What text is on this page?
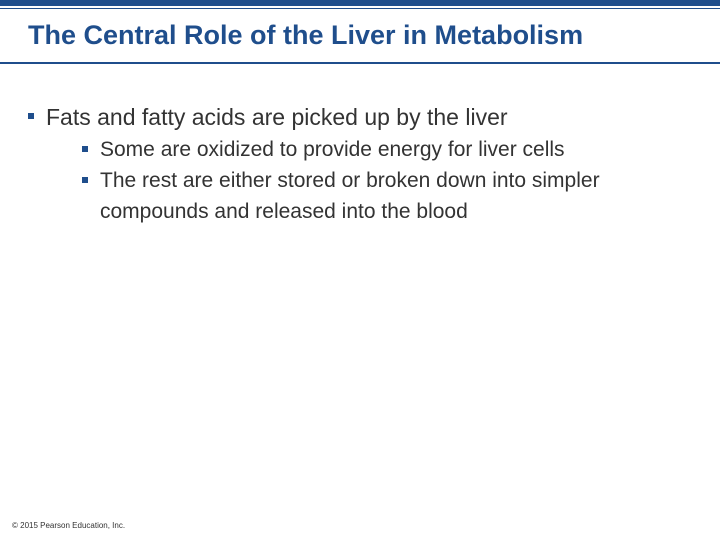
The Central Role of the Liver in Metabolism
Fats and fatty acids are picked up by the liver
Some are oxidized to provide energy for liver cells
The rest are either stored or broken down into simpler compounds and released into the blood
© 2015 Pearson Education, Inc.
